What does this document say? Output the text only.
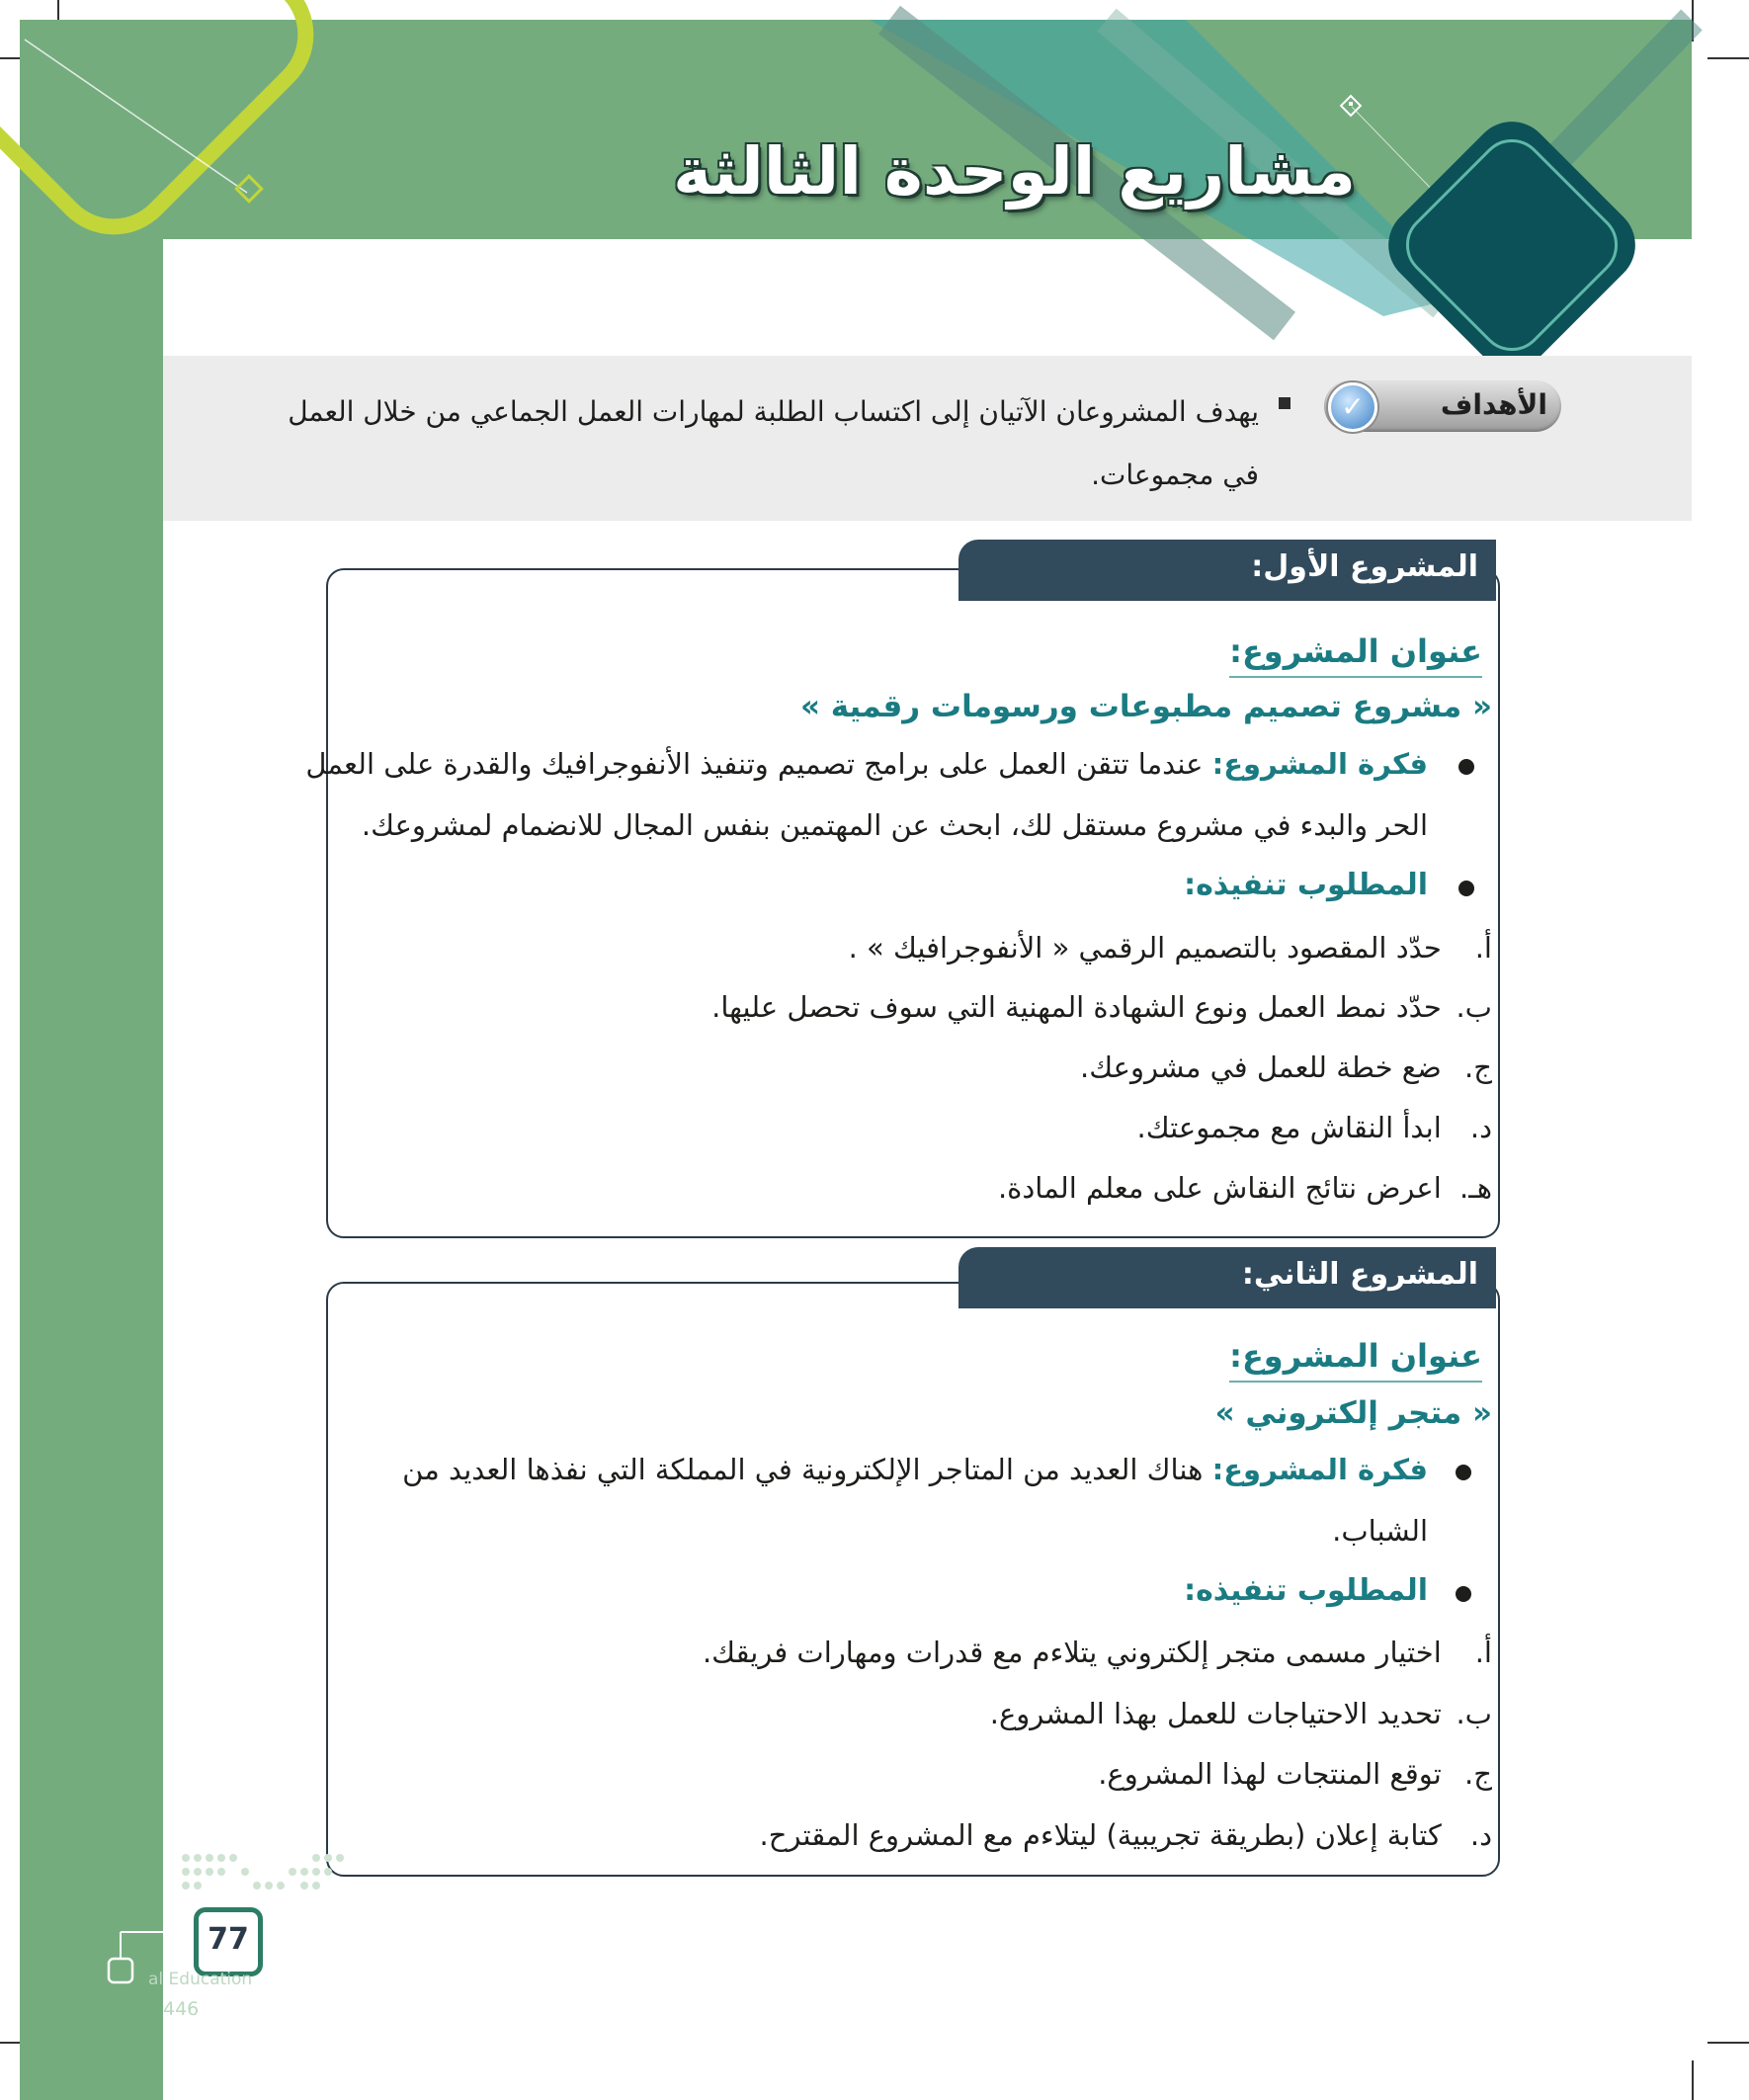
مشاريع الوحدة الثالثة
الأهداف
✓
يهدف المشروعان الآتيان إلى اكتساب الطلبة لمهارات العمل الجماعي من خلال العمل في مجموعات.
المشروع الأول:
عنوان المشروع:
« مشروع تصميم مطبوعات ورسومات رقمية »
فكرة المشروع: عندما تتقن العمل على برامج تصميم وتنفيذ الأنفوجرافيك والقدرة على العمل
الحر والبدء في مشروع مستقل لك، ابحث عن المهتمين بنفس المجال للانضمام لمشروعك.
المطلوب تنفيذه:
أ. حدّد المقصود بالتصميم الرقمي « الأنفوجرافيك » .
ب. حدّد نمط العمل ونوع الشهادة المهنية التي سوف تحصل عليها.
ج. ضع خطة للعمل في مشروعك.
د. ابدأ النقاش مع مجموعتك.
هـ. اعرض نتائج النقاش على معلم المادة.
المشروع الثاني:
عنوان المشروع:
« متجر إلكتروني »
فكرة المشروع: هناك العديد من المتاجر الإلكترونية في المملكة التي نفذها العديد من
الشباب.
المطلوب تنفيذه:
أ. اختيار مسمى متجر إلكتروني يتلاءم مع قدرات ومهارات فريقك.
ب. تحديد الاحتياجات للعمل بهذا المشروع.
ج. توقع المنتجات لهذا المشروع.
د. كتابة إعلان (بطريقة تجريبية) ليتلاءم مع المشروع المقترح.
77
al Education
446
